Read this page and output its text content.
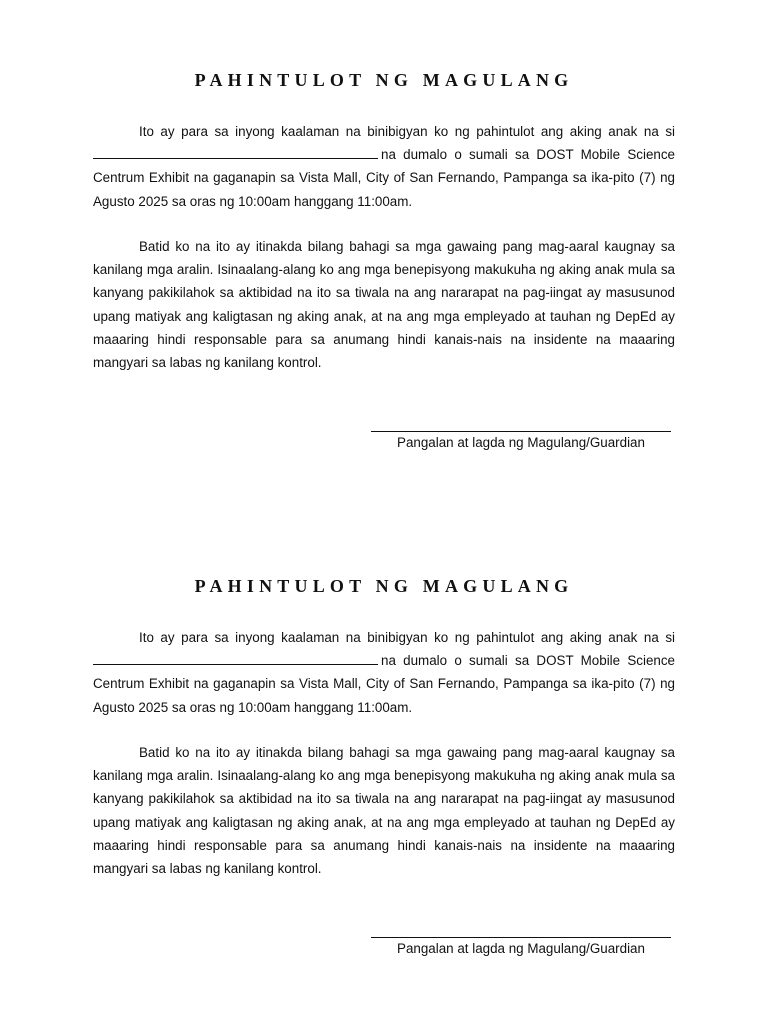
PAHINTULOT NG MAGULANG
Ito ay para sa inyong kaalaman na binibigyan ko ng pahintulot ang aking anak na si na dumalo o sumali sa DOST Mobile Science Centrum Exhibit na gaganapin sa Vista Mall, City of San Fernando, Pampanga sa ika-pito (7) ng Agusto 2025 sa oras ng 10:00am hanggang 11:00am.
Batid ko na ito ay itinakda bilang bahagi sa mga gawaing pang mag-aaral kaugnay sa kanilang mga aralin. Isinaalang-alang ko ang mga benepisyong makukuha ng aking anak mula sa kanyang pakikilahok sa aktibidad na ito sa tiwala na ang nararapat na pag-iingat ay masusunod upang matiyak ang kaligtasan ng aking anak, at na ang mga empleyado at tauhan ng DepEd ay maaaring hindi responsable para sa anumang hindi kanais-nais na insidente na maaaring mangyari sa labas ng kanilang kontrol.
Pangalan at lagda ng Magulang/Guardian
PAHINTULOT NG MAGULANG
Ito ay para sa inyong kaalaman na binibigyan ko ng pahintulot ang aking anak na si na dumalo o sumali sa DOST Mobile Science Centrum Exhibit na gaganapin sa Vista Mall, City of San Fernando, Pampanga sa ika-pito (7) ng Agusto 2025 sa oras ng 10:00am hanggang 11:00am.
Batid ko na ito ay itinakda bilang bahagi sa mga gawaing pang mag-aaral kaugnay sa kanilang mga aralin. Isinaalang-alang ko ang mga benepisyong makukuha ng aking anak mula sa kanyang pakikilahok sa aktibidad na ito sa tiwala na ang nararapat na pag-iingat ay masusunod upang matiyak ang kaligtasan ng aking anak, at na ang mga empleyado at tauhan ng DepEd ay maaaring hindi responsable para sa anumang hindi kanais-nais na insidente na maaaring mangyari sa labas ng kanilang kontrol.
Pangalan at lagda ng Magulang/Guardian
